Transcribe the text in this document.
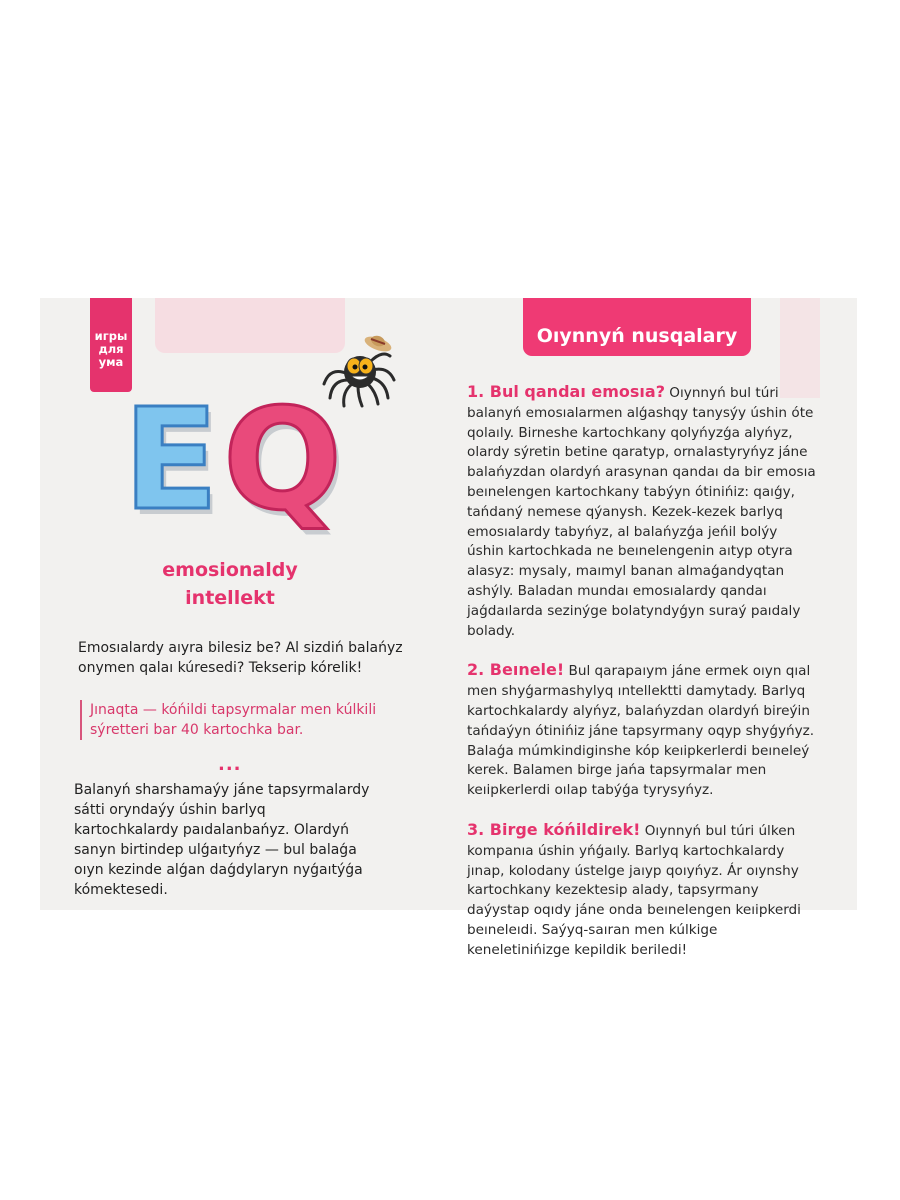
игры
для
ума
E Q
emosionaldy
intellekt
Emosıalardy aıyra bilesiz be? Al sizdiń balańyz onymen qalaı kúresedi? Tekserip kórelik!
Jınaqta — kóńildi tapsyrmalar men kúlkili sýretteri bar 40 kartochka bar.
...
Balanyń sharshamaýy jáne tapsyrmalardy sátti oryndaýy úshin barlyq kartochkalardy paıdalanbańyz. Olardyń sanyn birtindep ulǵaıtyńyz — bul balaǵa oıyn kezinde alǵan daǵdylaryn nyǵaıtýǵa kómektesedi.
Oıynnyń nusqalary

1. Bul qandaı emosıa? Oıynnyń bul túri balanyń emosıalarmen alǵashqy tanysýy úshin óte qolaıly. Birneshe kartochkany qolyńyzǵa alyńyz, olardy sýretin betine qaratyp, ornalastyryńyz jáne balańyzdan olardyń arasynan qandaı da bir emosıa beınelengen kartochkany tabýyn ótinińiz: qaıǵy, tańdaný nemese qýanysh. Kezek-kezek barlyq emosıalardy tabyńyz, al balańyzǵa jeńil bolýy úshin kartochkada ne beınelengenin aıtyp otyra alasyz: mysaly, maımyl banan almaǵandyqtan ashýly. Baladan mundaı emosıalardy qandaı jaǵdaılarda sezinýge bolatyndyǵyn suraý paıdaly bolady.

2. Beınele! Bul qarapaıym jáne ermek oıyn qıal men shyǵarmashylyq ıntellektti damytady. Barlyq kartochkalardy alyńyz, balańyzdan olardyń bireýin tańdaýyn ótinińiz jáne tapsyrmany oqyp shyǵyńyz. Balaǵa múmkindiginshe kóp keıipkerlerdi beıneleý kerek. Balamen birge jańa tapsyrmalar men keıipkerlerdi oılap tabýǵa tyrysyńyz.

3. Birge kóńildirek! Oıynnyń bul túri úlken kompanıa úshin yńǵaıly. Barlyq kartochkalardy jınap, kolodany ústelge jaıyp qoıyńyz. Ár oıynshy kartochkany kezektesip alady, tapsyrmany daýystap oqıdy jáne onda beınelengen keıipkerdi beıneleıdi. Saýyq-saıran men kúlkige keneletinińizge kepildik beriledi!
